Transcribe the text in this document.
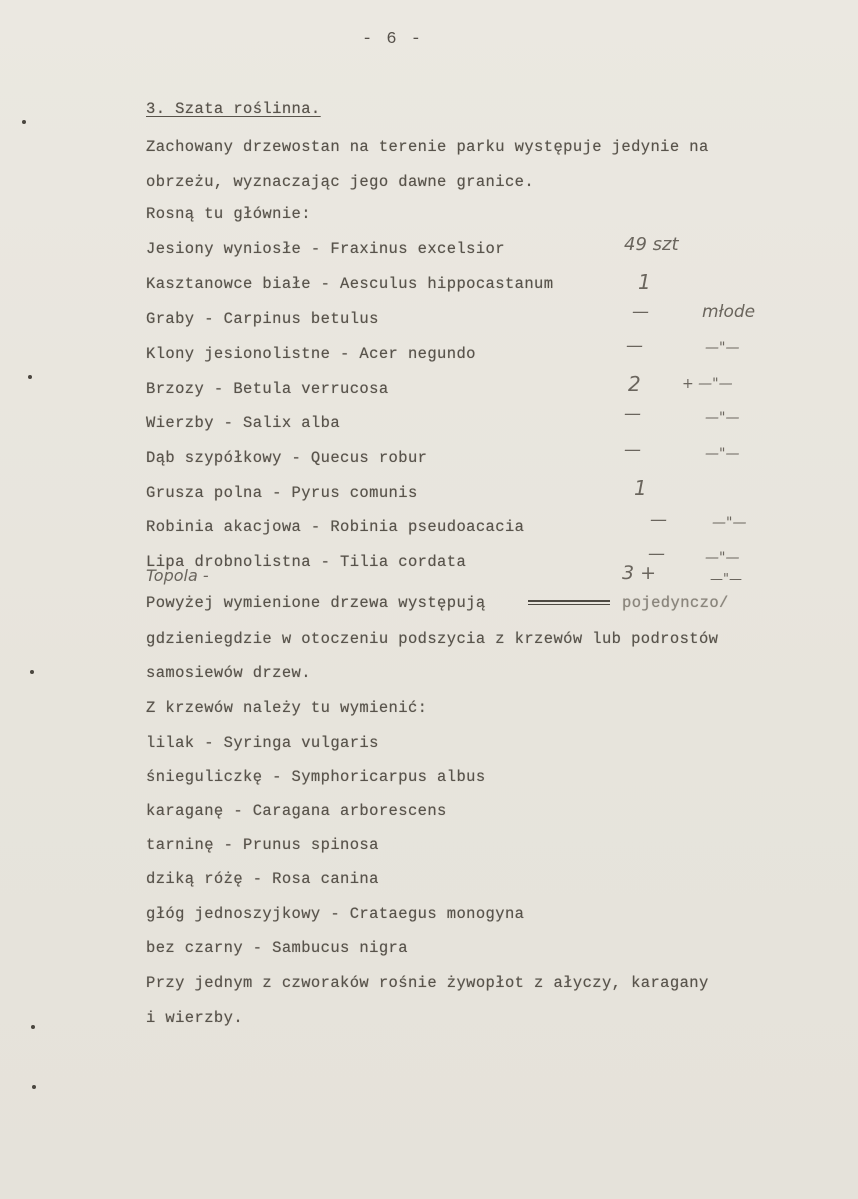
- 6 -
3. Szata roślinna.
Zachowany drzewostan na terenie parku występuje jedynie na
obrzeżu, wyznaczając jego dawne granice.
Rosną tu głównie:
Jesiony wyniosłe - Fraxinus excelsior	49 szt
Kasztanowce białe - Aesculus hippocastanum	1
Graby - Carpinus betulus	—	młode
Klony jesionolistne - Acer negundo	—	—"—
Brzozy - Betula verrucosa	2	+ —"—
Wierzby - Salix alba	—	—"—
Dąb szypółkowy - Quecus robur	—	—"—
Grusza polna - Pyrus comunis	1
Robinia akacjowa - Robinia pseudoacacia	—	—"—
Lipa drobnolistna - Tilia cordata	—	—"—
Topola -	3 +	—"—
Powyżej wymienione drzewa występują	pojedynczo/
gdzieniegdzie w otoczeniu podszycia z krzewów lub podrostów
samosiewów drzew.
Z krzewów należy tu wymienić:
lilak - Syringa vulgaris
śnieguliczkę - Symphoricarpus albus
karaganę - Caragana arborescens
tarninę - Prunus spinosa
dziką różę - Rosa canina
głóg jednoszyjkowy - Crataegus monogyna
bez czarny - Sambucus nigra
Przy jednym z czworaków rośnie żywopłot z ałyczy, karagany
i wierzby.
